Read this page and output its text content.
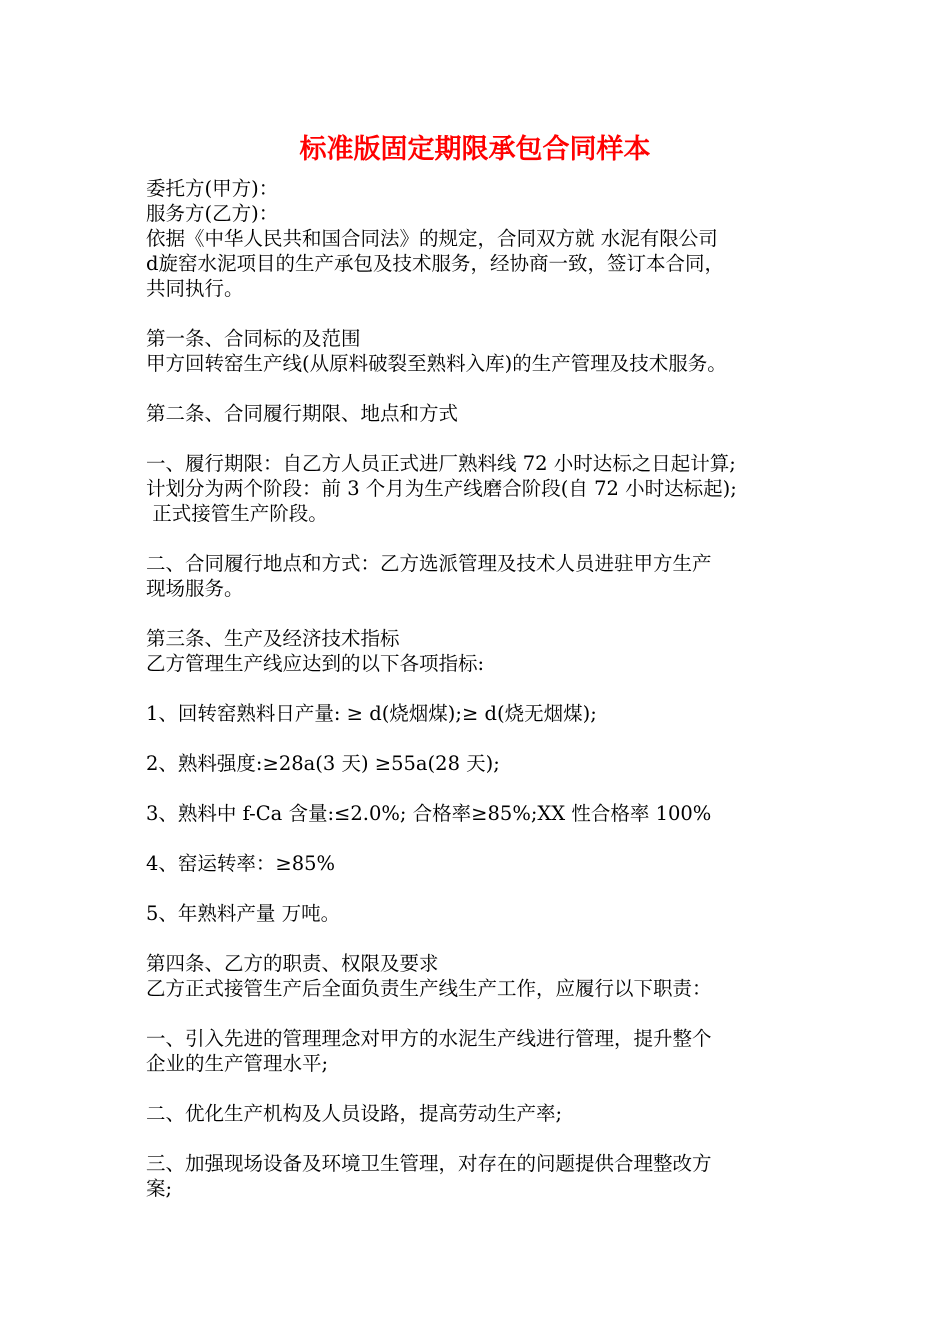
标准版固定期限承包合同样本
委托方(甲方)：
服务方(乙方)：
依据《中华人民共和国合同法》的规定，合同双方就 水泥有限公司
d旋窑水泥项目的生产承包及技术服务，经协商一致，签订本合同，
共同执行。
第一条、合同标的及范围
甲方回转窑生产线(从原料破裂至熟料入库)的生产管理及技术服务。
第二条、合同履行期限、地点和方式
一、履行期限：自乙方人员正式进厂熟料线 72 小时达标之日起计算;
计划分为两个阶段：前 3 个月为生产线磨合阶段(自 72 小时达标起);
正式接管生产阶段。
二、合同履行地点和方式：乙方选派管理及技术人员进驻甲方生产
现场服务。
第三条、生产及经济技术指标
乙方管理生产线应达到的以下各项指标:
1、回转窑熟料日产量: ≥ d(烧烟煤);≥ d(烧无烟煤);
2、熟料强度:≥28a(3 天) ≥55a(28 天);
3、熟料中 f-Ca 含量:≤2.0%; 合格率≥85%;XX 性合格率 100%
4、窑运转率：≥85%
5、年熟料产量 万吨。
第四条、乙方的职责、权限及要求
乙方正式接管生产后全面负责生产线生产工作，应履行以下职责：
一、引入先进的管理理念对甲方的水泥生产线进行管理，提升整个
企业的生产管理水平;
二、优化生产机构及人员设路，提高劳动生产率;
三、加强现场设备及环境卫生管理，对存在的问题提供合理整改方
案;
